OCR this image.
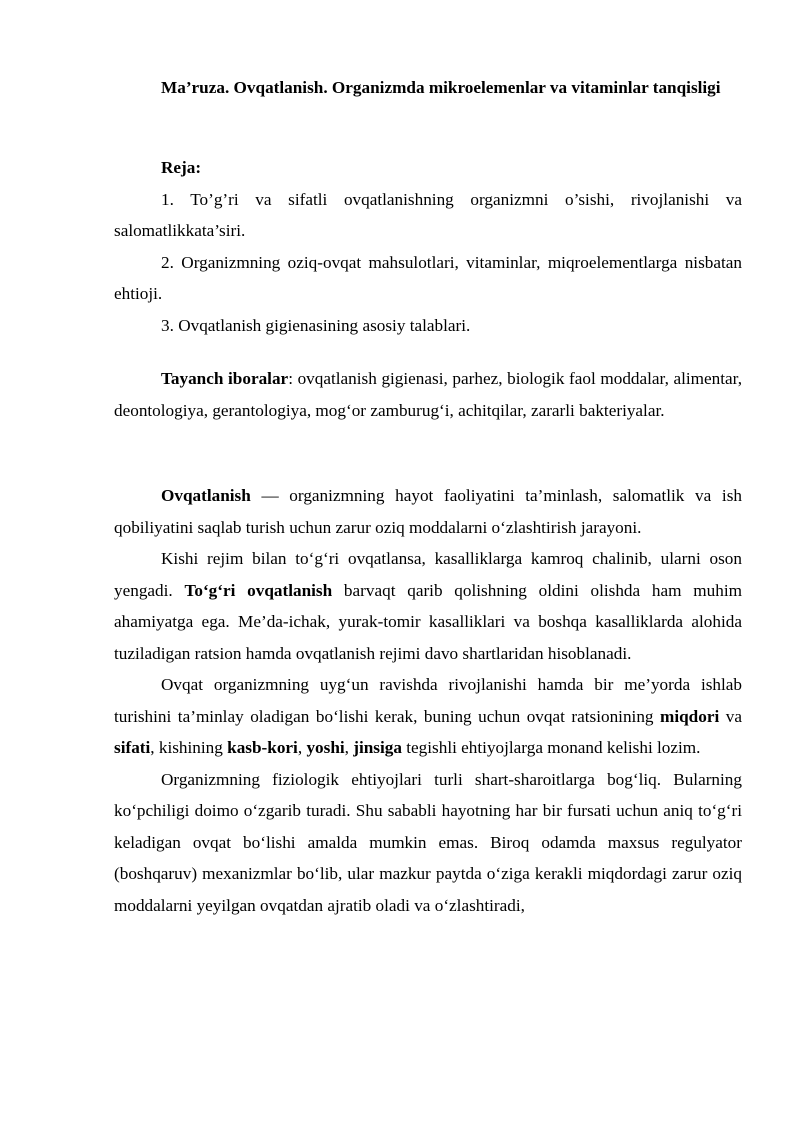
Ma’ruza. Ovqatlanish. Organizmda mikroelemenlar va vitaminlar tanqisligi

Reja:

1. To’g’ri va sifatli ovqatlanishning organizmni o’sishi, rivojlanishi va salomatlikkata’siri.

2. Organizmning oziq-ovqat mahsulotlari, vitaminlar, miqroelementlarga nisbatan ehtioji.

3. Ovqatlanish gigienasining asosiy talablari.

Tayanch iboralar: ovqatlanish gigienasi, parhez, biologik faol moddalar, alimentar, deontologiya, gerantologiya, mog‘or zamburug‘i, achitqilar, zararli bakteriyalar.

Ovqatlanish — organizmning hayot faoliyatini ta’minlash, salomatlik va ish qobiliyatini saqlab turish uchun zarur oziq moddalarni o‘zlashtirish jarayoni.

Kishi rejim bilan to‘g‘ri ovqatlansa, kasalliklarga kamroq chalinib, ularni oson yengadi. To‘g‘ri ovqatlanish barvaqt qarib qolishning oldini olishda ham muhim ahamiyatga ega. Me’da-ichak, yurak-tomir kasalliklari va boshqa kasalliklarda alohida tuziladigan ratsion hamda ovqatlanish rejimi davo shartlaridan hisoblanadi.

Ovqat organizmning uyg‘un ravishda rivojlanishi hamda bir me’yorda ishlab turishini ta’minlay oladigan bo‘lishi kerak, buning uchun ovqat ratsionining miqdori va sifati, kishining kasb-kori, yoshi, jinsiga tegishli ehtiyojlarga monand kelishi lozim.

Organizmning fiziologik ehtiyojlari turli shart-sharoitlarga bog‘liq. Bularning ko‘pchiligi doimo o‘zgarib turadi. Shu sababli hayotning har bir fursati uchun aniq to‘g‘ri keladigan ovqat bo‘lishi amalda mumkin emas. Biroq odamda maxsus regulyator (boshqaruv) mexanizmlar bo‘lib, ular mazkur paytda o‘ziga kerakli miqdordagi zarur oziq moddalarni yeyilgan ovqatdan ajratib oladi va o‘zlashtiradi,
